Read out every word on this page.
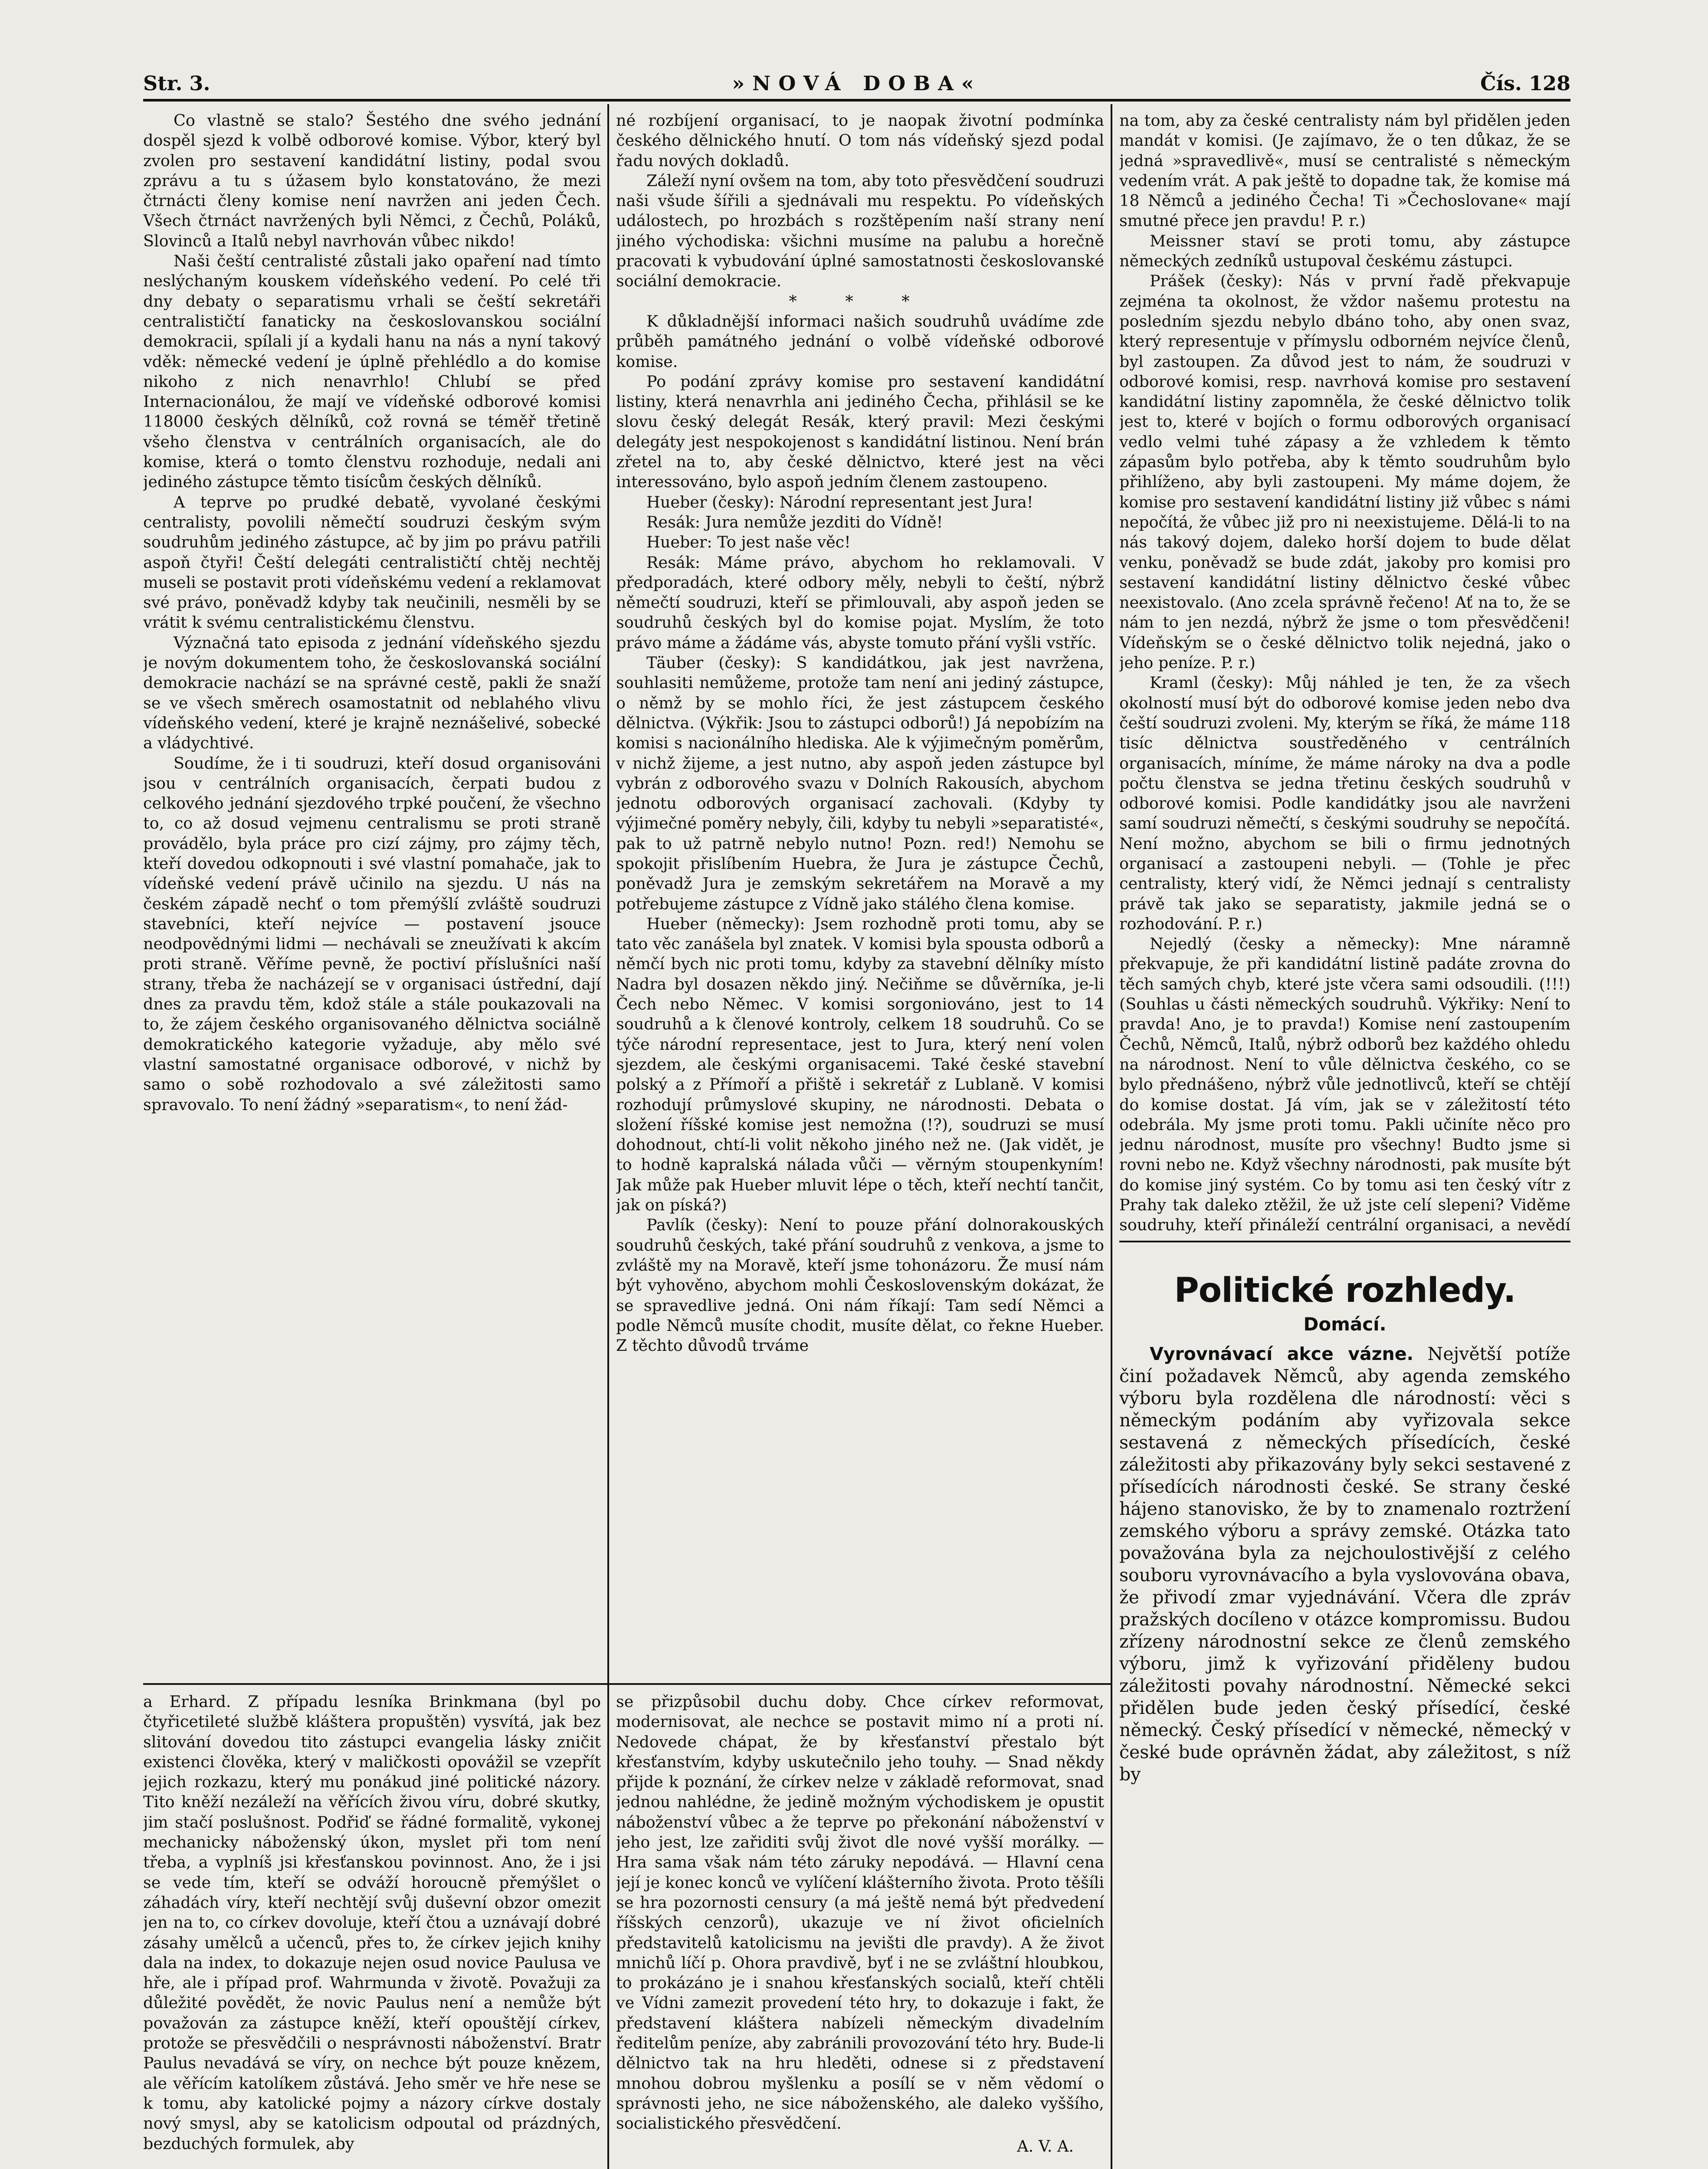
Str. 3.	»NOVÁ DOBA«	Čís. 128

Co vlastně se stalo? Šestého dne svého jednání dospěl sjezd k volbě odborové komise. Výbor, který byl zvolen pro sestavení kandidátní listiny, podal svou zprávu a tu s úžasem bylo konstatováno, že mezi čtrnácti členy komise není navržen ani jeden Čech. Všech čtrnáct navržených byli Němci, z Čechů, Poláků, Slovinců a Italů nebyl navrhován vůbec nikdo!

Naši čeští centralisté zůstali jako opaření nad tímto neslýchaným kouskem vídeňského vedení. Po celé tři dny debaty o separatismu vrhali se čeští sekretáři centralističtí fanaticky na českoslovanskou sociální demokracii, spílali jí a kydali hanu na nás a nyní takový vděk: německé vedení je úplně přehlédlo a do komise nikoho z nich nenavrhlo! Chlubí se před Internacionálou, že mají ve vídeňské odborové komisi 118000 českých dělníků, což rovná se téměř třetině všeho členstva v centrálních organisacích, ale do komise, která o tomto členstvu rozhoduje, nedali ani jediného zástupce těmto tisícům českých dělníků.

A teprve po prudké debatě, vyvolané českými centralisty, povolili němečtí soudruzi českým svým soudruhům jediného zástupce, ač by jim po právu patřili aspoň čtyři! Čeští delegáti centralističtí chtěj nechtěj museli se postavit proti vídeňskému vedení a reklamovat své právo, poněvadž kdyby tak neučinili, nesměli by se vrátit k svému centralistickému členstvu.

Význačná tato episoda z jednání vídeňského sjezdu je novým dokumentem toho, že českoslovanská sociální demokracie nachází se na správné cestě, pakli že snaží se ve všech směrech osamostatnit od neblahého vlivu vídeňského vedení, které je krajně neznášelivé, sobecké a vládychtivé.

Soudíme, že i ti soudruzi, kteří dosud organisováni jsou v centrálních organisacích, čerpati budou z celkového jednání sjezdového trpké poučení, že všechno to, co až dosud vejmenu centralismu se proti straně provádělo, byla práce pro cizí zájmy, pro zájmy těch, kteří dovedou odkopnouti i své vlastní pomahače, jak to vídeňské vedení právě učinilo na sjezdu. U nás na českém západě nechť o tom přemýšlí zvláště soudruzi stavebníci, kteří nejvíce — postavení jsouce neodpovědnými lidmi — nechávali se zneužívati k akcím proti straně. Věříme pevně, že poctiví příslušníci naší strany, třeba že nacházejí se v organisaci ústřední, dají dnes za pravdu těm, kdož stále a stále poukazovali na to, že zájem českého organisovaného dělnictva sociálně demokratického kategorie vyžaduje, aby mělo své vlastní samostatné organisace odborové, v nichž by samo o sobě rozhodovalo a své záležitosti samo spravovalo. To není žádný »separatism«, to není žád-

né rozbíjení organisací, to je naopak životní podmínka českého dělnického hnutí. O tom nás vídeňský sjezd podal řadu nových dokladů.

Záleží nyní ovšem na tom, aby toto přesvědčení soudruzi naši všude šířili a sjednávali mu respektu. Po vídeňských událostech, po hrozbách s rozštěpením naší strany není jiného východiska: všichni musíme na palubu a horečně pracovati k vybudování úplné samostatnosti českoslovanské sociální demokracie.

* * *

K důkladnější informaci našich soudruhů uvádíme zde průběh památného jednání o volbě vídeňské odborové komise.

Po podání zprávy komise pro sestavení kandidátní listiny, která nenavrhla ani jediného Čecha, přihlásil se ke slovu český delegát Resák, který pravil: Mezi českými delegáty jest nespokojenost s kandidátní listinou. Není brán zřetel na to, aby české dělnictvo, které jest na věci interessováno, bylo aspoň jedním členem zastoupeno.

Hueber (česky): Národní representant jest Jura!

Resák: Jura nemůže jezditi do Vídně!

Hueber: To jest naše věc!

Resák: Máme právo, abychom ho reklamovali. V předporadách, které odbory měly, nebyli to čeští, nýbrž němečtí soudruzi, kteří se přimlouvali, aby aspoň jeden se soudruhů českých byl do komise pojat. Myslím, že toto právo máme a žádáme vás, abyste tomuto přání vyšli vstříc.

Täuber (česky): S kandidátkou, jak jest navržena, souhlasiti nemůžeme, protože tam není ani jediný zástupce, o němž by se mohlo říci, že jest zástupcem českého dělnictva. (Výkřik: Jsou to zástupci odborů!) Já nepobízím na komisi s nacionálního hlediska. Ale k výjimečným poměrům, v nichž žijeme, a jest nutno, aby aspoň jeden zástupce byl vybrán z odborového svazu v Dolních Rakousích, abychom jednotu odborových organisací zachovali. (Kdyby ty výjimečné poměry nebyly, čili, kdyby tu nebyli »separatisté«, pak to už patrně nebylo nutno! Pozn. red!) Nemohu se spokojit přislíbením Huebra, že Jura je zástupce Čechů, poněvadž Jura je zemským sekretářem na Moravě a my potřebujeme zástupce z Vídně jako stálého člena komise.

Hueber (německy): Jsem rozhodně proti tomu, aby se tato věc zanášela byl znatek. V komisi byla spousta odborů a němčí bych nic proti tomu, kdyby za stavební dělníky místo Nadra byl dosazen někdo jiný. Nečiňme se důvěrníka, je-li Čech nebo Němec. V komisi sorgoniováno, jest to 14 soudruhů a k členové kontroly, celkem 18 soudruhů. Co se týče národní representace, jest to Jura, který není volen sjezdem, ale českými organisacemi. Také české stavební polský a z Přímoří a přiště i sekretář z Lublaně. V komisi rozhodují průmyslové skupiny, ne národnosti. Debata o složení říšské komise jest nemožna (!?), soudruzi se musí dohodnout, chtí-li volit někoho jiného než ne. (Jak vidět, je to hodně kapralská nálada vůči — věrným stoupenkyním! Jak může pak Hueber mluvit lépe o těch, kteří nechtí tančit, jak on píská?)

Pavlík (česky): Není to pouze přání dolnorakouských soudruhů českých, také přání soudruhů z venkova, a jsme to zvláště my na Moravě, kteří jsme tohonázoru. Že musí nám být vyhověno, abychom mohli Československým dokázat, že se spravedlive jedná. Oni nám říkají: Tam sedí Němci a podle Němců musíte chodit, musíte dělat, co řekne Hueber. Z těchto důvodů trváme

na tom, aby za české centralisty nám byl přidělen jeden mandát v komisi. (Je zajímavo, že o ten důkaz, že se jedná »spravedlivě«, musí se centralisté s německým vedením vrát. A pak ještě to dopadne tak, že komise má 18 Němců a jediného Čecha! Ti »Čechoslovane« mají smutné přece jen pravdu! P. r.)

Meissner staví se proti tomu, aby zástupce německých zedníků ustupoval českému zástupci.

Prášek (česky): Nás v první řadě překvapuje zejména ta okolnost, že vždor našemu protestu na posledním sjezdu nebylo dbáno toho, aby onen svaz, který representuje v přímyslu odborném nejvíce členů, byl zastoupen. Za důvod jest to nám, že soudruzi v odborové komisi, resp. navrhová komise pro sestavení kandidátní listiny zapomněla, že české dělnictvo tolik jest to, které v bojích o formu odborových organisací vedlo velmi tuhé zápasy a že vzhledem k těmto zápasům bylo potřeba, aby k těmto soudruhům bylo přihlíženo, aby byli zastoupeni. My máme dojem, že komise pro sestavení kandidátní listiny již vůbec s námi nepočítá, že vůbec již pro ni neexistujeme. Dělá-li to na nás takový dojem, daleko horší dojem to bude dělat venku, poněvadž se bude zdát, jakoby pro komisi pro sestavení kandidátní listiny dělnictvo české vůbec neexistovalo. (Ano zcela správně řečeno! Ať na to, že se nám to jen nezdá, nýbrž že jsme o tom přesvědčeni! Vídeňským se o české dělnictvo tolik nejedná, jako o jeho peníze. P. r.)

Kraml (česky): Můj náhled je ten, že za všech okolností musí být do odborové komise jeden nebo dva čeští soudruzi zvoleni. My, kterým se říká, že máme 118 tisíc dělnictva soustředěného v centrálních organisacích, míníme, že máme nároky na dva a podle počtu členstva se jedna třetinu českých soudruhů v odborové komisi. Podle kandidátky jsou ale navrženi samí soudruzi němečtí, s českými soudruhy se nepočítá. Není možno, abychom se bili o firmu jednotných organisací a zastoupeni nebyli. — (Tohle je přec centralisty, který vidí, že Němci jednají s centralisty právě tak jako se separatisty, jakmile jedná se o rozhodování. P. r.)

Nejedlý (česky a německy): Mne náramně překvapuje, že při kandidátní listině padáte zrovna do těch samých chyb, které jste včera sami odsoudili. (!!!) (Souhlas u části německých soudruhů. Výkřiky: Není to pravda! Ano, je to pravda!) Komise není zastoupením Čechů, Němců, Italů, nýbrž odborů bez každého ohledu na národnost. Není to vůle dělnictva českého, co se bylo přednášeno, nýbrž vůle jednotlivců, kteří se chtějí do komise dostat. Já vím, jak se v záležitostí této odebrála. My jsme proti tomu. Pakli učiníte něco pro jednu národnost, musíte pro všechny! Budto jsme si rovni nebo ne. Když všechny národnosti, pak musíte být do komise jiný systém. Co by tomu asi ten český vítr z Prahy tak daleko ztěžil, že už jste celí slepeni? Viděme soudruhy, kteří přináleží centrální organisaci, a nevědí

a Erhard. Z případu lesníka Brinkmana (byl po čtyřicetileté službě kláštera propuštěn) vysvítá, jak bez slitování dovedou tito zástupci evangelia lásky zničit existenci člověka, který v maličkosti opovážil se vzepřít jejich rozkazu, který mu ponákud jiné politické názory. Tito kněží nezáleží na věřících živou víru, dobré skutky, jim stačí poslušnost. Podřiď se řádné formalitě, vykonej mechanicky náboženský úkon, myslet při tom není třeba, a vyplníš jsi křesťanskou povinnost. Ano, že i jsi se vede tím, kteří se odváží horoucně přemýšlet o záhadách víry, kteří nechtějí svůj duševní obzor omezit jen na to, co církev dovoluje, kteří čtou a uznávají dobré zásahy umělců a učenců, přes to, že církev jejich knihy dala na index, to dokazuje nejen osud novice Paulusa ve hře, ale i případ prof. Wahrmunda v životě. Považuji za důležité povědět, že novic Paulus není a nemůže být považován za zástupce kněží, kteří opouštějí církev, protože se přesvědčili o nesprávnosti náboženství. Bratr Paulus nevadává se víry, on nechce být pouze knězem, ale věřícím katolíkem zůstává. Jeho směr ve hře nese se k tomu, aby katolické pojmy a názory církve dostaly nový smysl, aby se katolicism odpoutal od prázdných, bezduchých formulek, aby

se přizpůsobil duchu doby. Chce církev reformovat, modernisovat, ale nechce se postavit mimo ní a proti ní. Nedovede chápat, že by křesťanství přestalo být křesťanstvím, kdyby uskutečnilo jeho touhy. — Snad někdy přijde k poznání, že církev nelze v základě reformovat, snad jednou nahlédne, že jedině možným východiskem je opustit náboženství vůbec a že teprve po překonání náboženství v jeho jest, lze zařiditi svůj život dle nové vyšší morálky. — Hra sama však nám této záruky nepodává. — Hlavní cena její je konec konců ve vylíčení klášterního života. Proto těšíli se hra pozornosti censury (a má ještě nemá být předvedení říšských cenzorů), ukazuje ve ní život oficielních představitelů katolicismu na jevišti dle pravdy). A že život mnichů líčí p. Ohora pravdivě, byť i ne se zvláštní hloubkou, to prokázáno je i snahou křesťanských socialů, kteří chtěli ve Vídni zamezit provedení této hry, to dokazuje i fakt, že představení kláštera nabízeli německým divadelním ředitelům peníze, aby zabránili provozování této hry. Bude-li dělnictvo tak na hru hleděti, odnese si z představení mnohou dobrou myšlenku a posílí se v něm vědomí o správnosti jeho, ne sice náboženského, ale daleko vyššího, socialistického přesvědčení.

A. V. A.
Politické rozhledy.
Domácí.

Vyrovnávací akce vázne. Největší potíže činí požadavek Němců, aby agenda zemského výboru byla rozdělena dle národností: věci s německým podáním aby vyřizovala sekce sestavená z německých přísedících, české záležitosti aby přikazovány byly sekci sestavené z přísedících národnosti české. Se strany české hájeno stanovisko, že by to znamenalo roztržení zemského výboru a správy zemské. Otázka tato považována byla za nejchoulostivější z celého souboru vyrovnávacího a byla vyslovována obava, že přivodí zmar vyjednávání. Včera dle zpráv pražských docíleno v otázce kompromissu. Budou zřízeny národnostní sekce ze členů zemského výboru, jimž k vyřizování přiděleny budou záležitosti povahy národnostní. Německé sekci přidělen bude jeden český přísedící, české německý. Český přísedící v německé, německý v české bude oprávněn žádat, aby záležitost, s níž by
